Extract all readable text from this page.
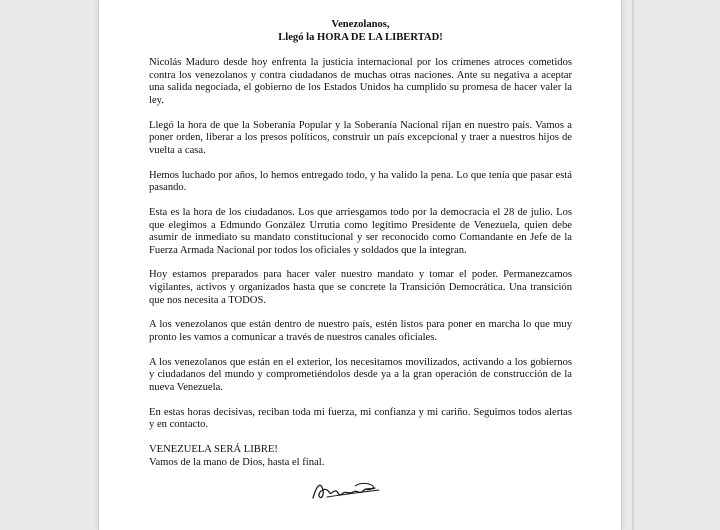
Venezolanos,
Llegó la HORA DE LA LIBERTAD!

Nicolás Maduro desde hoy enfrenta la justicia internacional por los crímenes atroces cometidos contra los venezolanos y contra ciudadanos de muchas otras naciones. Ante su negativa a aceptar una salida negociada, el gobierno de los Estados Unidos ha cumplido su promesa de hacer valer la ley.

Llegó la hora de que la Soberanía Popular y la Soberanía Nacional rijan en nuestro país. Vamos a poner orden, liberar a los presos políticos, construir un país excepcional y traer a nuestros hijos de vuelta a casa.

Hemos luchado por años, lo hemos entregado todo, y ha valido la pena. Lo que tenía que pasar está pasando.

Esta es la hora de los ciudadanos. Los que arriesgamos todo por la democracia el 28 de julio. Los que elegimos a Edmundo González Urrutia como legítimo Presidente de Venezuela, quien debe asumir de inmediato su mandato constitucional y ser reconocido como Comandante en Jefe de la Fuerza Armada Nacional por todos los oficiales y soldados que la integran.

Hoy estamos preparados para hacer valer nuestro mandato y tomar el poder. Permanezcamos vigilantes, activos y organizados hasta que se concrete la Transición Democrática. Una transición que nos necesita a TODOS.

A los venezolanos que están dentro de nuestro país, estén listos para poner en marcha lo que muy pronto les vamos a comunicar a través de nuestros canales oficiales.

A los venezolanos que están en el exterior, los necesitamos movilizados, activando a los gobiernos y ciudadanos del mundo y comprometiéndolos desde ya a la gran operación de construcción de la nueva Venezuela.

En estas horas decisivas, reciban toda mi fuerza, mi confianza y mi cariño. Seguimos todos alertas y en contacto.

VENEZUELA SERÁ LIBRE!
Vamos de la mano de Dios, hasta el final.
